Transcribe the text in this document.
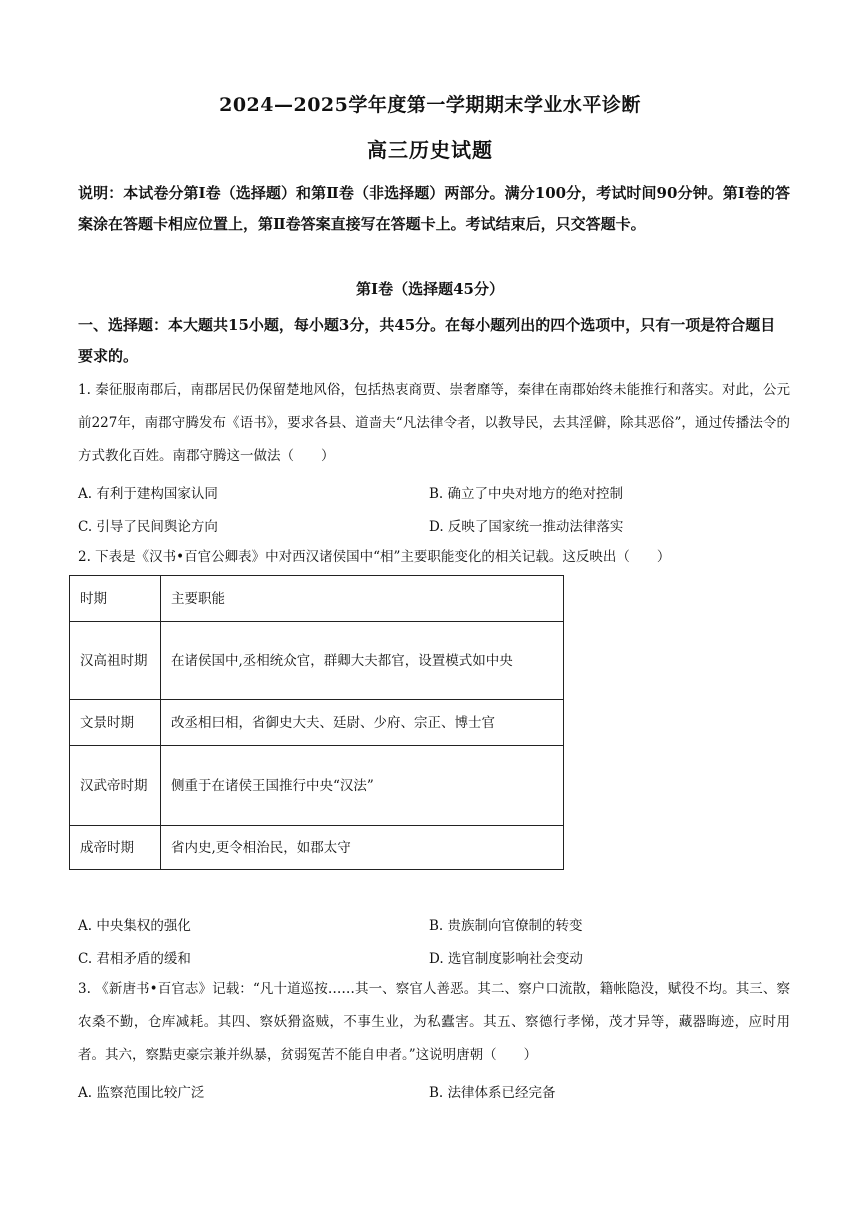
2024—2025学年度第一学期期末学业水平诊断
高三历史试题
说明：本试卷分第Ⅰ卷（选择题）和第Ⅱ卷（非选择题）两部分。满分100分，考试时间90分钟。第Ⅰ卷的答案涂在答题卡相应位置上，第Ⅱ卷答案直接写在答题卡上。考试结束后，只交答题卡。
第Ⅰ卷（选择题45分）
一、选择题：本大题共15小题，每小题3分，共45分。在每小题列出的四个选项中，只有一项是符合题目要求的。
1. 秦征服南郡后，南郡居民仍保留楚地风俗，包括热衷商贾、崇奢靡等，秦律在南郡始终未能推行和落实。对此，公元前227年，南郡守腾发布《语书》，要求各县、道啬夫“凡法律令者，以教导民，去其淫僻，除其恶俗”，通过传播法令的方式教化百姓。南郡守腾这一做法（　　）
A. 有利于建构国家认同	B. 确立了中央对地方的绝对控制
C. 引导了民间舆论方向	D. 反映了国家统一推动法律落实
2. 下表是《汉书•百官公卿表》中对西汉诸侯国中“相”主要职能变化的相关记载。这反映出（　　）
时期	主要职能
汉高祖时期	在诸侯国中,丞相统众官，群卿大夫都官，设置模式如中央
文景时期	改丞相曰相，省御史大夫、廷尉、少府、宗正、博士官
汉武帝时期	侧重于在诸侯王国推行中央“汉法”
成帝时期	省内史,更令相治民，如郡太守
A. 中央集权的强化	B. 贵族制向官僚制的转变
C. 君相矛盾的缓和	D. 选官制度影响社会变动
3. 《新唐书•百官志》记载：“凡十道巡按……其一、察官人善恶。其二、察户口流散，籍帐隐没，赋役不均。其三、察农桑不勤，仓库减耗。其四、察妖猾盗贼，不事生业，为私蠹害。其五、察德行孝悌，茂才异等，藏器晦迹，应时用者。其六，察黠吏豪宗兼并纵暴，贫弱冤苦不能自申者。”这说明唐朝（　　）
A. 监察范围比较广泛	B. 法律体系已经完备
